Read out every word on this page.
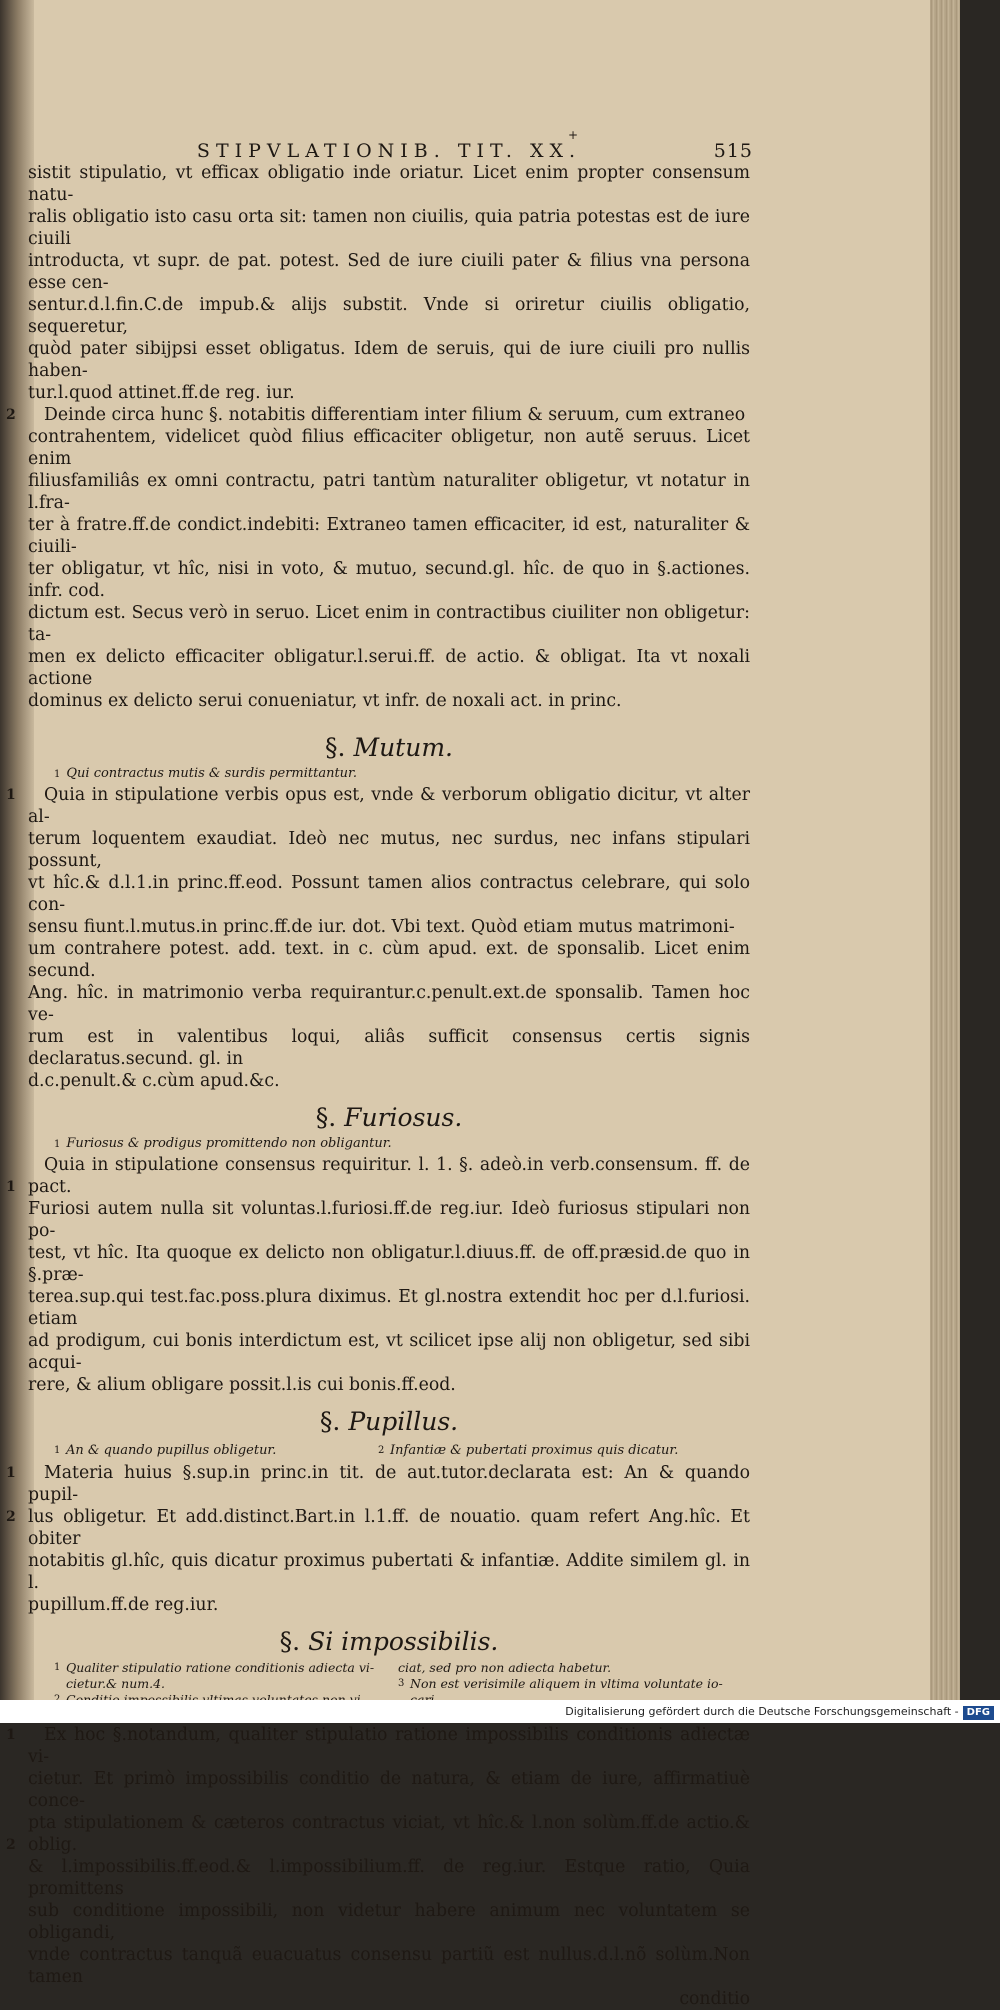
+
STIPVLATIONIB. TIT. XX.	515

sistit stipulatio, vt efficax obligatio inde oriatur. Licet enim propter consensum natu-

ralis obligatio isto casu orta sit: tamen non ciuilis, quia patria potestas est de iure ciuili

introducta, vt supr. de pat. potest. Sed de iure ciuili pater & filius vna persona esse cen-

sentur.d.l.fin.C.de impub.& alijs substit. Vnde si oriretur ciuilis obligatio, sequeretur,

quòd pater sibijpsi esset obligatus. Idem de seruis, qui de iure ciuili pro nullis haben-

tur.l.quod attinet.ff.de reg. iur.

2	Deinde circa hunc §. notabitis differentiam inter filium & seruum, cum extraneo

contrahentem, videlicet quòd filius efficaciter obligetur, non autẽ seruus. Licet enim

filiusfamiliâs ex omni contractu, patri tantùm naturaliter obligetur, vt notatur in l.fra-

ter à fratre.ff.de condict.indebiti: Extraneo tamen efficaciter, id est, naturaliter & ciuili-

ter obligatur, vt hîc, nisi in voto, & mutuo, secund.gl. hîc. de quo in §.actiones. infr. cod.

dictum est. Secus verò in seruo. Licet enim in contractibus ciuiliter non obligetur: ta-

men ex delicto efficaciter obligatur.l.serui.ff. de actio. & obligat. Ita vt noxali actione

dominus ex delicto serui conueniatur, vt infr. de noxali act. in princ.

§. Mutum.
1 Qui contractus mutis & surdis permittantur.
1	Quia in stipulatione verbis opus est, vnde & verborum obligatio dicitur, vt alter al-

terum loquentem exaudiat. Ideò nec mutus, nec surdus, nec infans stipulari possunt,

vt hîc.& d.l.1.in princ.ff.eod. Possunt tamen alios contractus celebrare, qui solo con-

sensu fiunt.l.mutus.in princ.ff.de iur. dot. Vbi text. Quòd etiam mutus matrimoni-

um contrahere potest. add. text. in c. cùm apud. ext. de sponsalib. Licet enim secund.

Ang. hîc. in matrimonio verba requirantur.c.penult.ext.de sponsalib. Tamen hoc ve-

rum est in valentibus loqui, aliâs sufficit consensus certis signis declaratus.secund. gl. in

d.c.penult.& c.cùm apud.&c.

§. Furiosus.
1 Furiosus & prodigus promittendo non obligantur.
1

Quia in stipulatione consensus requiritur. l. 1. §. adeò.in verb.consensum. ff. de pact.

Furiosi autem nulla sit voluntas.l.furiosi.ff.de reg.iur. Ideò furiosus stipulari non po-

test, vt hîc. Ita quoque ex delicto non obligatur.l.diuus.ff. de off.præsid.de quo in §.præ-

terea.sup.qui test.fac.poss.plura diximus. Et gl.nostra extendit hoc per d.l.furiosi. etiam

ad prodigum, cui bonis interdictum est, vt scilicet ipse alij non obligetur, sed sibi acqui-

rere, & alium obligare possit.l.is cui bonis.ff.eod.

§. Pupillus.
1 An & quando pupillus obligetur.	2 Infantiæ & pubertati proximus quis dicatur.
1
2

Materia huius §.sup.in princ.in tit. de aut.tutor.declarata est: An & quando pupil-

lus obligetur. Et add.distinct.Bart.in l.1.ff. de nouatio. quam refert Ang.hîc. Et obiter

notabitis gl.hîc, quis dicatur proximus pubertati & infantiæ. Addite similem gl. in l.

pupillum.ff.de reg.iur.

§. Si impossibilis.
1 Qualiter stipulatio ratione conditionis adiecta vi-
cietur.& num.4.
ciat, sed pro non adiecta habetur.
3 Non est verisimile aliquem in vltima voluntate io-
1
2

Ex hoc §.notandum, qualiter stipulatio ratione impossibilis conditionis adiectæ vi-

cietur. Et primò impossibilis conditio de natura, & etiam de iure, affirmatiuè conce-

pta stipulationem & cæteros contractus viciat, vt hîc.& l.non solùm.ff.de actio.& oblig.

& l.impossibilis.ff.eod.& l.impossibilium.ff. de reg.iur. Estque ratio, Quia promittens

sub conditione impossibili, non videtur habere animum nec voluntatem se obligandi,

vnde contractus tanquã euacuatus consensu partiũ est nullus.d.l.nõ solùm.Non tamen

conditio

Digitalisierung gefördert durch die Deutsche Forschungsgemeinschaft - DFG
